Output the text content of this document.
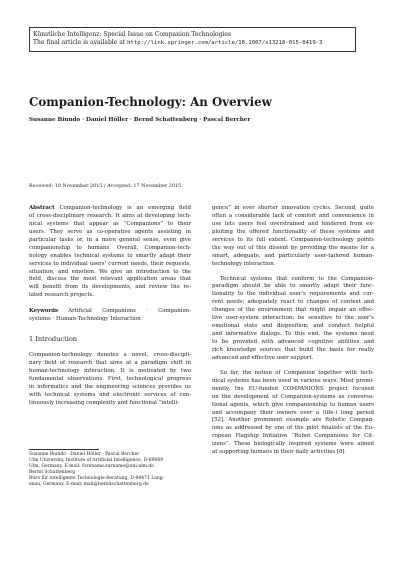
Künstliche Intelligenz: Special Issue on Companion Technologies
The final article is available at http://link.springer.com/article/10.1007/s13218-015-0419-3
Companion-Technology: An Overview
Susanne Biundo · Daniel Höller · Bernd Schattenberg · Pascal Bercher
Received: 10 November 2015 / Accepted: 17 November 2015
Abstract Companion-technology is an emerging field
of cross-disciplinary research. It aims at developing tech-
nical systems that appear as “Companions” to their
users. They serve as co-operative agents assisting in
particular tasks or, in a more general sense, even give
companionship to humans. Overall, Companion-tech-
nology enables technical systems to smartly adapt their
services to individual users’ current needs, their requests,
situation, and emotion. We give an introduction to the
field, discuss the most relevant application areas that
will benefit from its developments, and review the re-
lated research projects.
Keywords Artificial Companions · Companion-
systems · Human-Technology Interaction
1 Introduction
Companion-technology denotes a novel, cross-discipli-
nary field of research that aims at a paradigm shift in
human-technology interaction. It is motivated by two
fundamental observations. First, technological progress
in informatics and the engineering sciences provides us
with technical systems and electronic services of con-
tinuously increasing complexity and functional “intelli-
Susanne Biundo · Daniel Höller · Pascal Bercher
Ulm University, Institute of Artificial Intelligence, D-89069
Ulm, Germany, E-mail: forename.surname@uni-ulm.de
Bernd Schattenberg
Büro für intelligente Technologie-Beratung, D-89471 Lang-
enau, Germany. E-mail: mail@berndschattenberg.de
gence” in ever shorter innovation cycles. Second, quite
often a considerable lack of comfort and convenience in
use lets users feel overstrained and hindered from ex-
ploiting the offered functionality of these systems and
services to its full extent. Companion-technology points
the way out of this dissent by providing the means for a
smart, adequate, and particularly user-tailored human-
technology interaction.
Technical systems that conform to the Companion-
paradigm should be able to smartly adapt their func-
tionality to the individual user’s requirements and cur-
rent needs; adequately react to changes of context and
changes of the environment that might impair an effec-
tive user-system interaction; be sensitive to the user’s
emotional state and disposition; and conduct helpful
and informative dialogs. To this end, the systems need
to be provided with advanced cognitive abilities and
rich knowledge sources that build the basis for really
advanced and effective user support.
So far, the notion of Companion together with tech-
nical systems has been used in various ways. Most promi-
nently, the EU-funded COMPANIONS project focused
on the development of Companion-systems as conversa-
tional agents, which give companionship to human users
and accompany their owners over a (life-) long period
[52]. Another prominent example are Robotic Compan-
ions as addressed by one of the pilot finalists of the Eu-
ropean Flagship Initiative “Robot Companions for Cit-
izens”. These biologically inspired systems were aimed
at supporting humans in their daily activities [8].
